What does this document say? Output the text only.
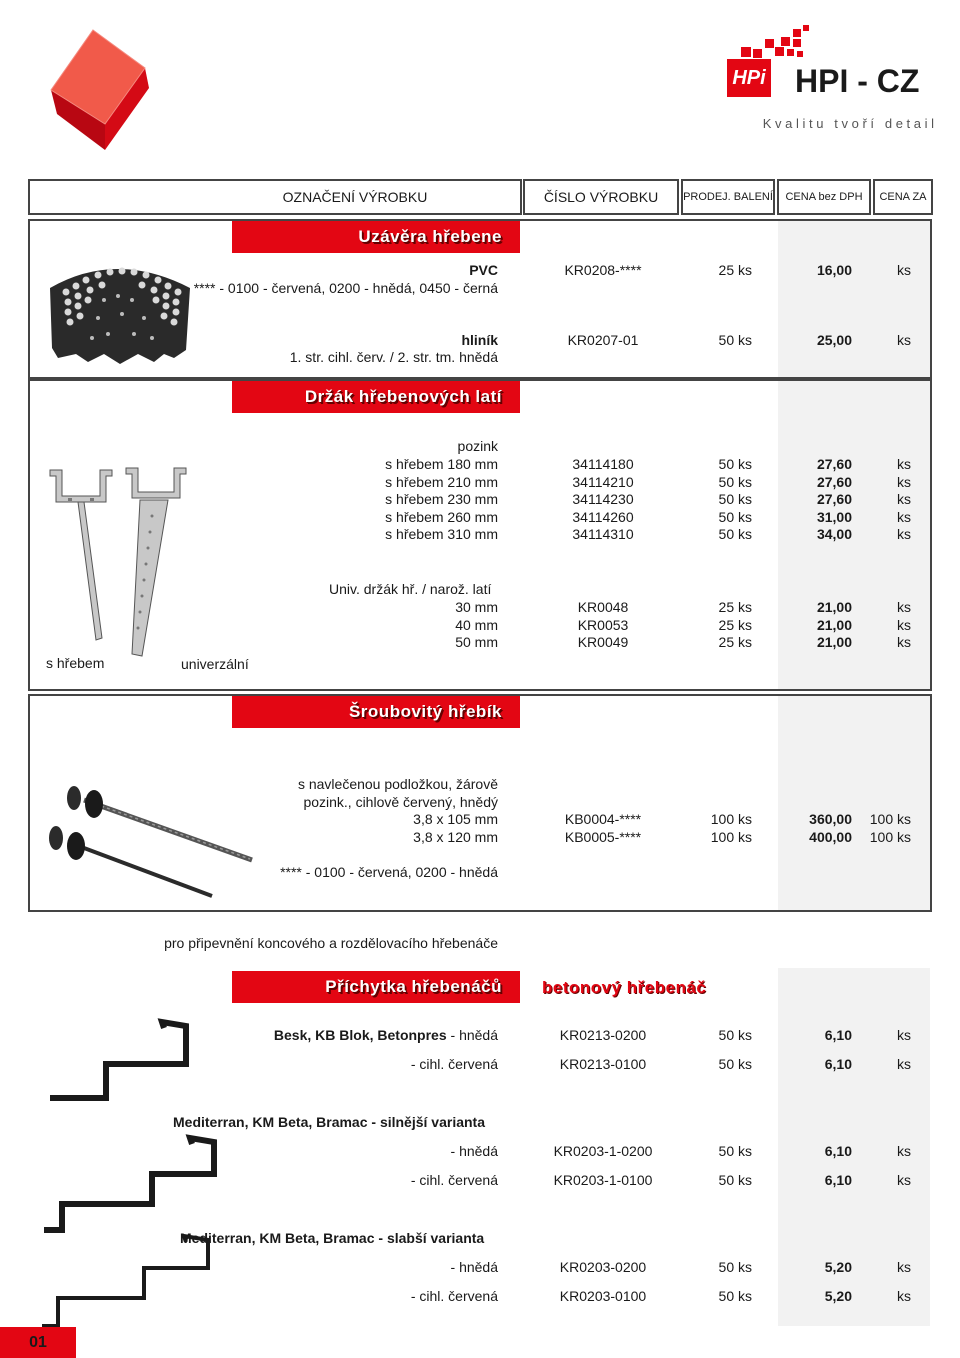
HPi HPI - CZ
K v a l i t u   t v o ř í   d e t a i l
OZNAČENÍ VÝROBKU	ČÍSLO VÝROBKU	PRODEJ. BALENÍ	CENA bez DPH	CENA ZA
Uzávěra hřebene
PVC
**** - 0100 - červená, 0200 - hnědá, 0450 - černá
KR0208-****	25 ks	16,00	ks
hliník
1. str. cihl. červ. / 2. str. tm. hnědá
KR0207-01	50 ks	25,00	ks
Držák hřebenových latí
pozink
s hřebem 180 mm	34114180	50 ks	27,60	ks
s hřebem 210 mm	34114210	50 ks	27,60	ks
s hřebem 230 mm	34114230	50 ks	27,60	ks
s hřebem 260 mm	34114260	50 ks	31,00	ks
s hřebem 310 mm	34114310	50 ks	34,00	ks
Univ. držák hř. / narož. latí
30 mm	KR0048	25 ks	21,00	ks
40 mm	KR0053	25 ks	21,00	ks
50 mm	KR0049	25 ks	21,00	ks
s hřebem	univerzální
Šroubovitý hřebík
s navlečenou podložkou, žárově
pozink., cihlově červený, hnědý
3,8 x 105 mm	KB0004-****	100 ks	360,00 100 ks
3,8 x 120 mm	KB0005-****	100 ks	400,00 100 ks
**** - 0100 - červená, 0200 - hnědá
pro připevnění koncového a rozdělovacího hřebenáče
Příchytka hřebenáčů	betonový hřebenáč
Besk, KB Blok, Betonpres - hnědá	KR0213-0200	50 ks	6,10	ks
- cihl. červená	KR0213-0100	50 ks	6,10	ks
Mediterran, KM Beta, Bramac - silnější varianta
- hnědá	KR0203-1-0200	50 ks	6,10	ks
- cihl. červená	KR0203-1-0100	50 ks	6,10	ks
Mediterran, KM Beta, Bramac - slabší varianta
- hnědá	KR0203-0200	50 ks	5,20	ks
- cihl. červená	KR0203-0100	50 ks	5,20	ks
01
